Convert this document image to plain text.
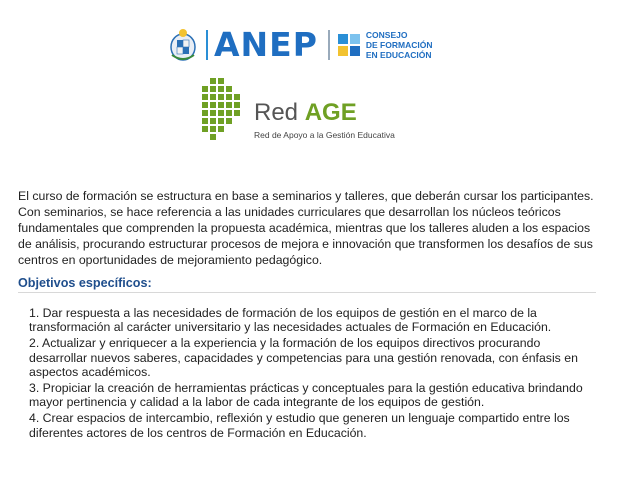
ANEP	CONSEJO
DE FORMACIÓN
EN EDUCACIÓN
Red AGE
Red de Apoyo a la Gestión Educativa

El curso de formación se estructura en base a seminarios y talleres, que deberán cursar los participantes. Con seminarios, se hace referencia a las unidades curriculares que desarrollan los núcleos teóricos fundamentales que comprenden la propuesta académica, mientras que los talleres aluden a los espacios de análisis, procurando estructurar procesos de mejora e innovación que transformen los desafíos de sus centros en oportunidades de mejoramiento pedagógico.

Objetivos específicos:
1. Dar respuesta a las necesidades de formación de los equipos de gestión en el marco de la transformación al carácter universitario y las necesidades actuales de Formación en Educación.
2. Actualizar y enriquecer a la experiencia y la formación de los equipos directivos procurando desarrollar nuevos saberes, capacidades y competencias para una gestión renovada, con énfasis en aspectos académicos.
3. Propiciar la creación de herramientas prácticas y conceptuales para la gestión educativa brindando mayor pertinencia y calidad a la labor de cada integrante de los equipos de gestión.
4. Crear espacios de intercambio, reflexión y estudio que generen un lenguaje compartido entre los diferentes actores de los centros de Formación en Educación.
